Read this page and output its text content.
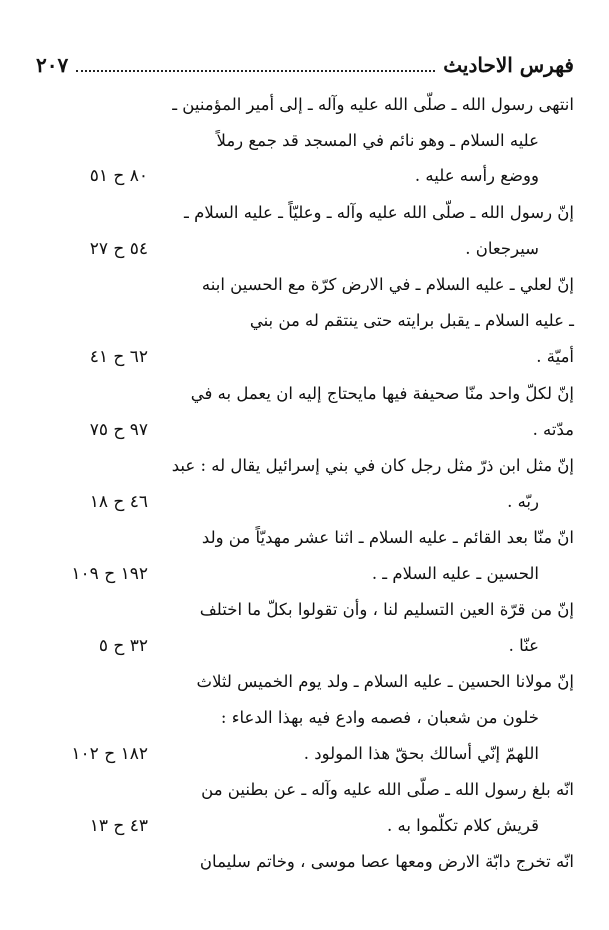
فهرس الاحاديث
٢٠٧
انتهى رسول الله ـ صلّى الله عليه وآله ـ إلى أمير المؤمنين ـ
عليه السلام ـ وهو نائم في المسجد قد جمع رملاً
ووضع رأسه عليه .
٨٠ ح ٥١
إنّ رسول الله ـ صلّى الله عليه وآله ـ وعليّاً ـ عليه السلام ـ
سيرجعان .
٥٤ ح ٢٧
إنّ لعلي ـ عليه السلام ـ في الارض كرّة مع الحسين ابنه
ـ عليه السلام ـ يقبل برايته حتى ينتقم له من بني
أميّة .
٦٢ ح ٤١
إنّ لكلّ واحد منّا صحيفة فيها مايحتاج إليه ان يعمل به في
مدّته .
٩٧ ح ٧٥
إنّ مثل ابن ذرّ مثل رجل كان في بني إسرائيل يقال له : عبد
ربّه .
٤٦ ح ١٨
انّ منّا بعد القائم ـ عليه السلام ـ اثنا عشر مهديّاً من ولد
الحسين ـ عليه السلام ـ .
١٩٢ ح ١٠٩
إنّ من قرّة العين التسليم لنا ، وأن تقولوا بكلّ ما اختلف
عنّا .
٣٢ ح ٥
إنّ مولانا الحسين ـ عليه السلام ـ ولد يوم الخميس لثلاث
خلون من شعبان ، فصمه وادع فيه بهذا الدعاء :
اللهمّ إنّي أسالك بحقّ هذا المولود .
١٨٢ ح ١٠٢
انّه بلغ رسول الله ـ صلّى الله عليه وآله ـ عن بطنين من
قريش كلام تكلّموا به .
٤٣ ح ١٣
انّه تخرج دابّة الارض ومعها عصا موسى ، وخاتم سليمان
